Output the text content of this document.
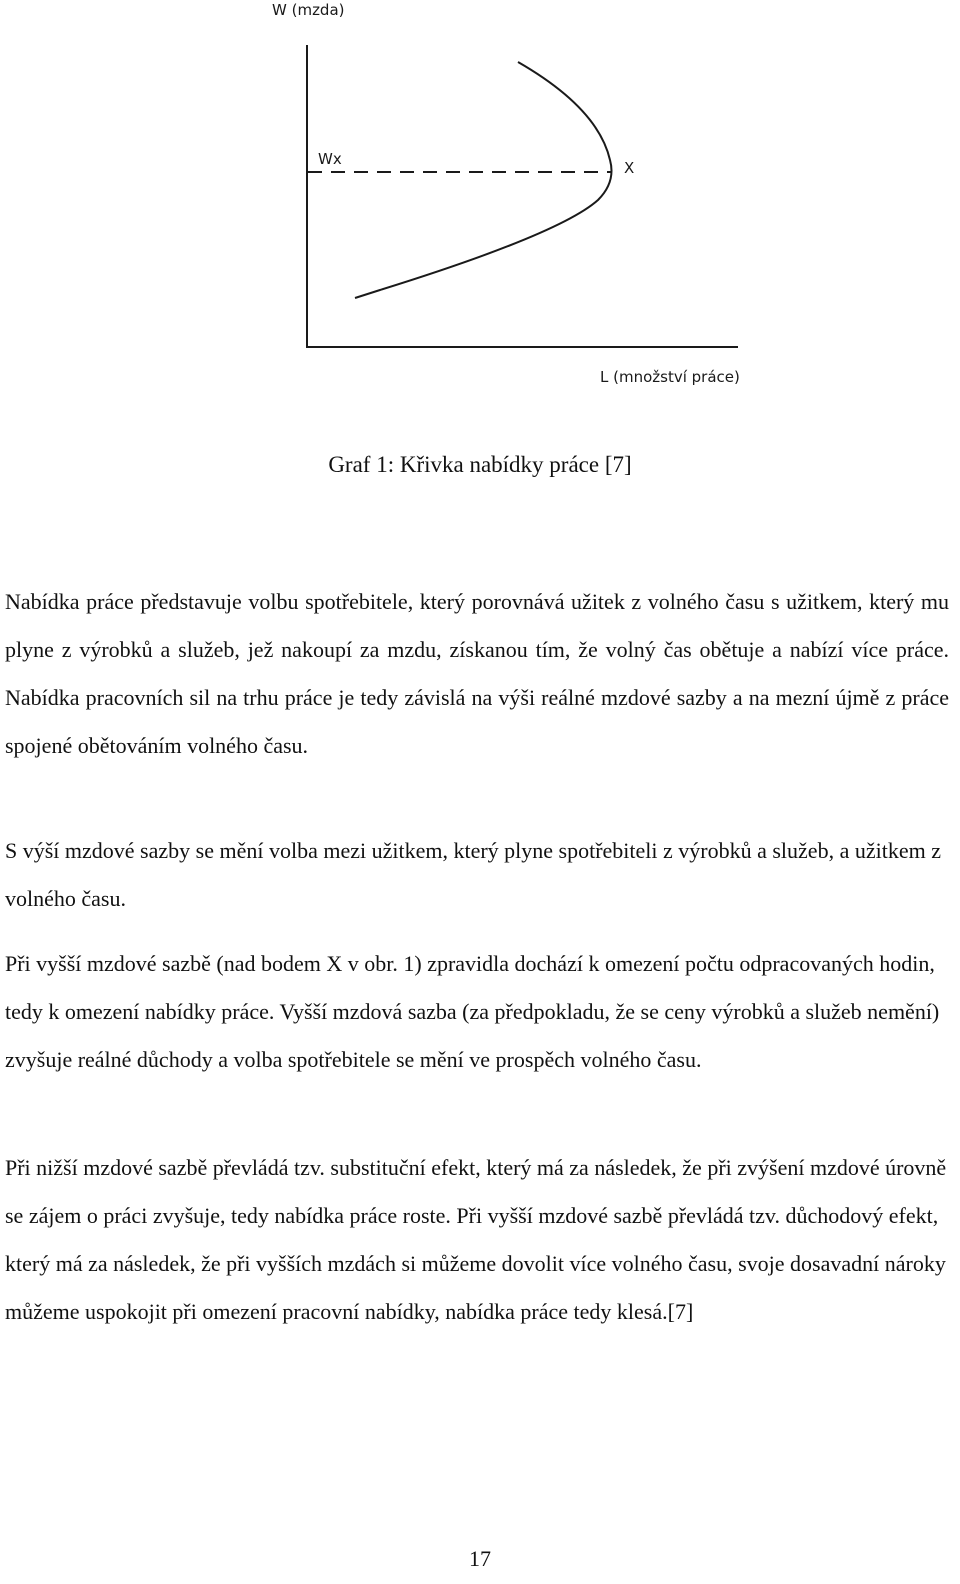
W (mzda)
Wx	X
L (množství práce)
Graf 1: Křivka nabídky práce [7]

Nabídka práce představuje volbu spotřebitele, který porovnává užitek z volného času s užitkem, který mu plyne z výrobků a služeb, jež nakoupí za mzdu, získanou tím, že volný čas obětuje a nabízí více práce. Nabídka pracovních sil na trhu práce je tedy závislá na výši reálné mzdové sazby a na mezní újmě z práce spojené obětováním volného času.

S výší mzdové sazby se mění volba mezi užitkem, který plyne spotřebiteli z výrobků a služeb, a užitkem z volného času.

Při vyšší mzdové sazbě (nad bodem X v obr. 1) zpravidla dochází k omezení počtu odpracovaných hodin, tedy k omezení nabídky práce. Vyšší mzdová sazba (za předpokladu, že se ceny výrobků a služeb nemění) zvyšuje reálné důchody a volba spotřebitele se mění ve prospěch volného času.

Při nižší mzdové sazbě převládá tzv. substituční efekt, který má za následek, že při zvýšení mzdové úrovně se zájem o práci zvyšuje, tedy nabídka práce roste. Při vyšší mzdové sazbě převládá tzv. důchodový efekt, který má za následek, že při vyšších mzdách si můžeme dovolit více volného času, svoje dosavadní nároky můžeme uspokojit při omezení pracovní nabídky, nabídka práce tedy klesá.[7]

17
